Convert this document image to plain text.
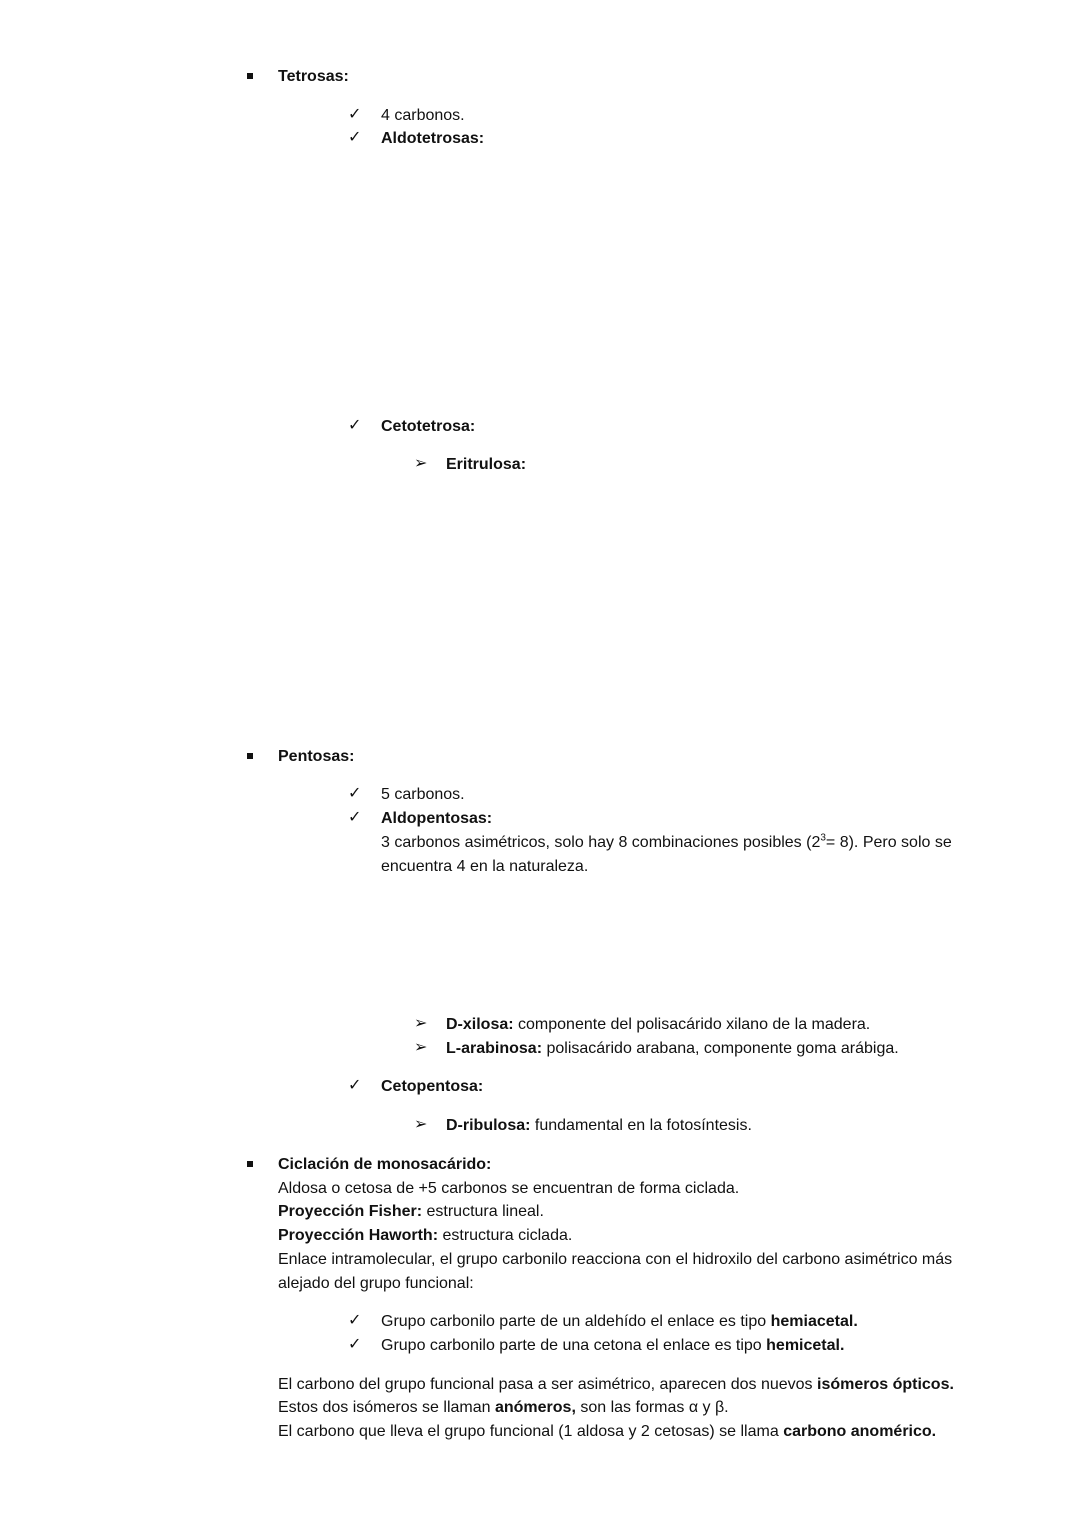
Tetrosas:
✓ 4 carbonos.
✓ Aldotetrosas:
✓ Cetotetrosa:
➢ Eritrulosa:
Pentosas:
✓ 5 carbonos.
✓ Aldopentosas:
3 carbonos asimétricos, solo hay 8 combinaciones posibles $(2^3= 8)$. Pero solo se
encuentra 4 en la naturaleza.
➢ D-xilosa: componente del polisacárido xilano de la madera.
➢ L-arabinosa: polisacárido arabana, componente goma arábiga.
✓ Cetopentosa:
➢ D-ribulosa: fundamental en la fotosíntesis.
Ciclación de monosacárido:
Aldosa o cetosa de +5 carbonos se encuentran de forma ciclada.
Proyección Fisher: estructura lineal.
Proyección Haworth: estructura ciclada.
Enlace intramolecular, el grupo carbonilo reacciona con el hidroxilo del carbono asimétrico más
alejado del grupo funcional:
✓ Grupo carbonilo parte de un aldehído el enlace es tipo hemiacetal.
✓ Grupo carbonilo parte de una cetona el enlace es tipo hemicetal.
El carbono del grupo funcional pasa a ser asimétrico, aparecen dos nuevos isómeros ópticos.
Estos dos isómeros se llaman anómeros, son las formas α y β.
El carbono que lleva el grupo funcional (1 aldosa y 2 cetosas) se llama carbono anomérico.
